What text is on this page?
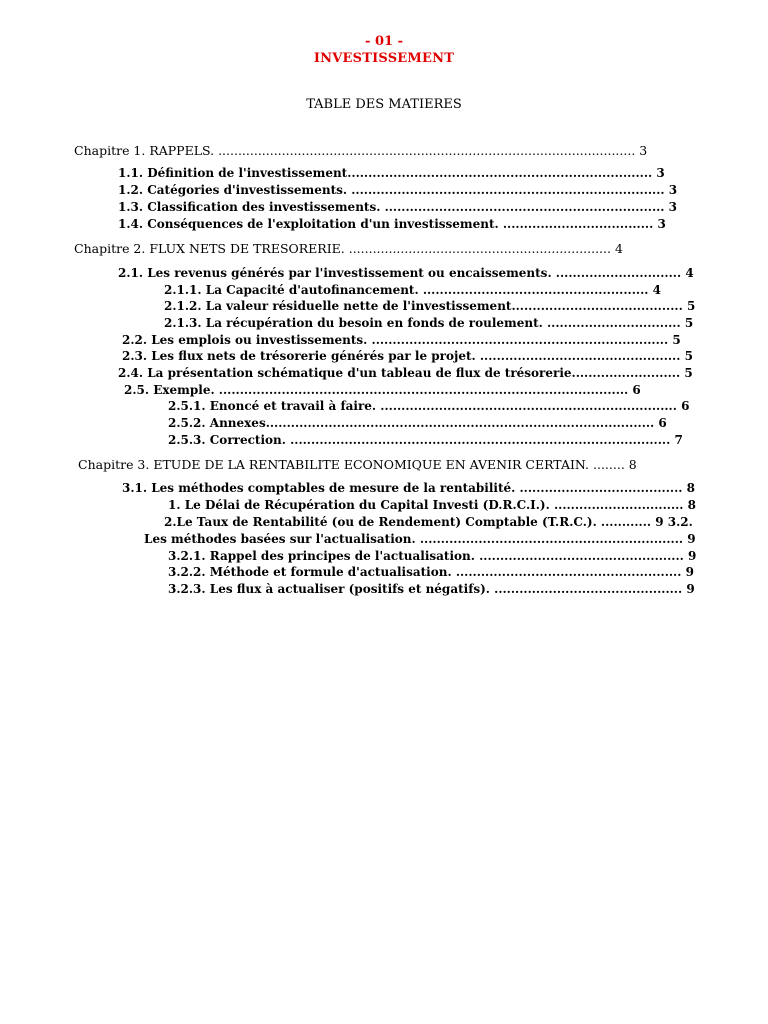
- 01 -
INVESTISSEMENT
TABLE DES MATIERES
Chapitre 1. RAPPELS. ......................................................................................................... 3
1.1. Définition de l'investissement......................................................................... 3
1.2. Catégories d'investissements. ........................................................................... 3
1.3. Classification des investissements. ................................................................... 3
1.4. Conséquences de l'exploitation d'un investissement. .................................... 3
Chapitre 2. FLUX NETS DE TRESORERIE. .................................................................. 4
2.1. Les revenus générés par l'investissement ou encaissements. .............................. 4
2.1.1. La Capacité d'autofinancement. ...................................................... 4
2.1.2. La valeur résiduelle nette de l'investissement......................................... 5
2.1.3. La récupération du besoin en fonds de roulement. ................................ 5
2.2. Les emplois ou investissements. ....................................................................... 5
2.3. Les flux nets de trésorerie générés par le projet. ................................................ 5
2.4. La présentation schématique d'un tableau de flux de trésorerie.......................... 5
2.5. Exemple. .................................................................................................. 6
2.5.1. Enoncé et travail à faire. ....................................................................... 6
2.5.2. Annexes............................................................................................. 6
2.5.3. Correction. ........................................................................................... 7
Chapitre 3. ETUDE DE LA RENTABILITE ECONOMIQUE EN AVENIR CERTAIN. ........ 8
3.1. Les méthodes comptables de mesure de la rentabilité. ....................................... 8
1. Le Délai de Récupération du Capital Investi (D.R.C.I.). ............................... 8
2.Le Taux de Rentabilité (ou de Rendement) Comptable (T.R.C.). ............ 9 3.2.
Les méthodes basées sur l'actualisation. ............................................................... 9
3.2.1. Rappel des principes de l'actualisation. ................................................. 9
3.2.2. Méthode et formule d'actualisation. ...................................................... 9
3.2.3. Les flux à actualiser (positifs et négatifs). ............................................. 9
